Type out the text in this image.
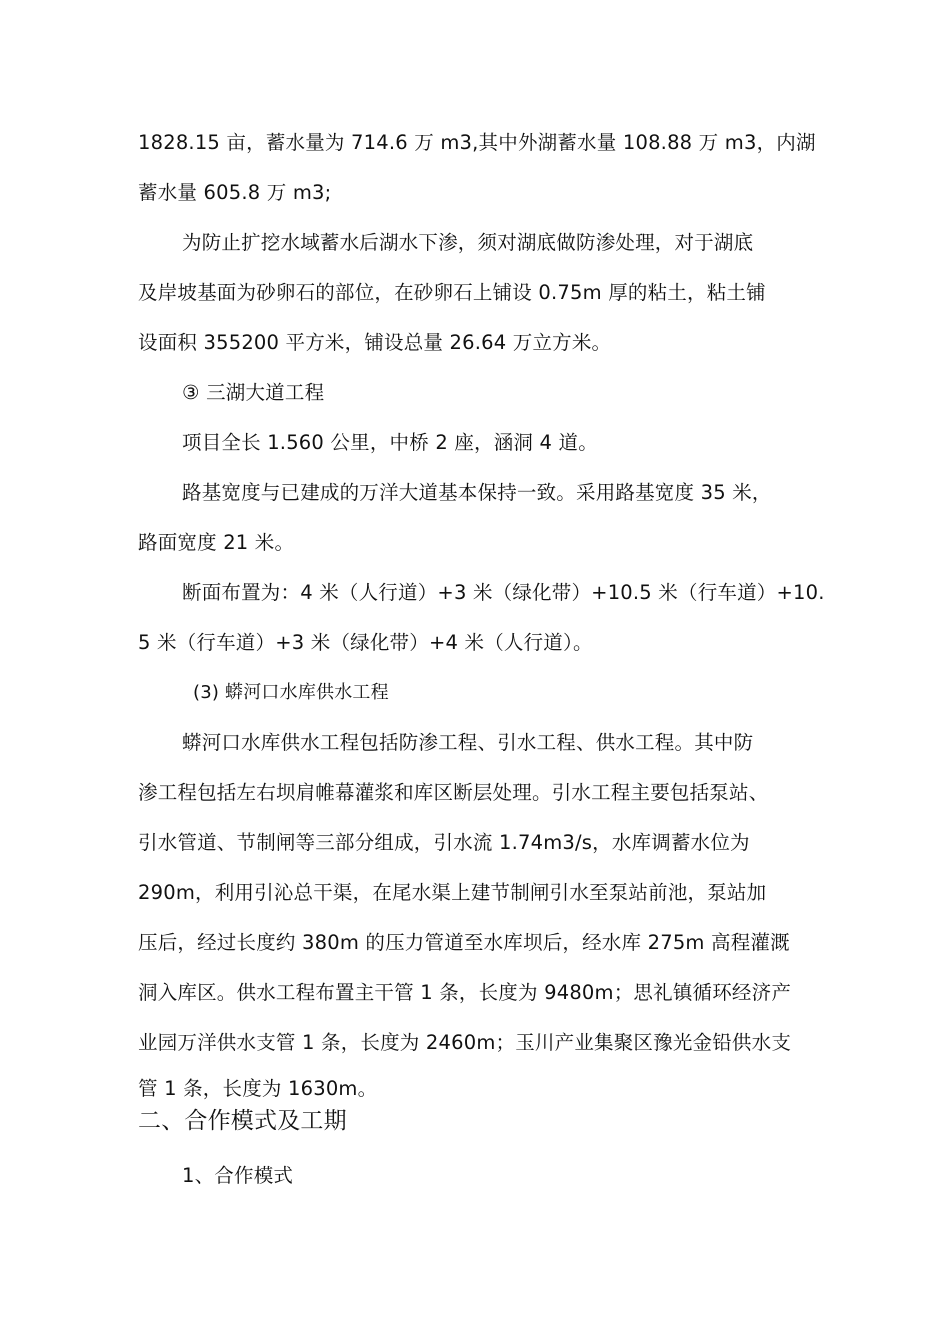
1828.15 亩，蓄水量为 714.6 万 m3,其中外湖蓄水量 108.88 万 m3，内湖
蓄水量 605.8 万 m3;
为防止扩挖水域蓄水后湖水下渗，须对湖底做防渗处理，对于湖底
及岸坡基面为砂卵石的部位，在砂卵石上铺设 0.75m 厚的粘土，粘土铺
设面积 355200 平方米，铺设总量 26.64 万立方米。
③ 三湖大道工程
项目全长 1.560 公里，中桥 2 座，涵洞 4 道。
路基宽度与已建成的万洋大道基本保持一致。采用路基宽度 35 米，
路面宽度 21 米。
断面布置为：4 米（人行道）+3 米（绿化带）+10.5 米（行车道）+10.
5 米（行车道）+3 米（绿化带）+4 米（人行道）。
(3) 蟒河口水库供水工程
蟒河口水库供水工程包括防渗工程、引水工程、供水工程。其中防
渗工程包括左右坝肩帷幕灌浆和库区断层处理。引水工程主要包括泵站、
引水管道、节制闸等三部分组成，引水流 1.74m3/s，水库调蓄水位为
290m，利用引沁总干渠，在尾水渠上建节制闸引水至泵站前池，泵站加
压后，经过长度约 380m 的压力管道至水库坝后，经水库 275m 高程灌溉
洞入库区。供水工程布置主干管 1 条，长度为 9480m；思礼镇循环经济产
业园万洋供水支管 1 条，长度为 2460m；玉川产业集聚区豫光金铅供水支
管 1 条，长度为 1630m。
二、合作模式及工期
1、合作模式
